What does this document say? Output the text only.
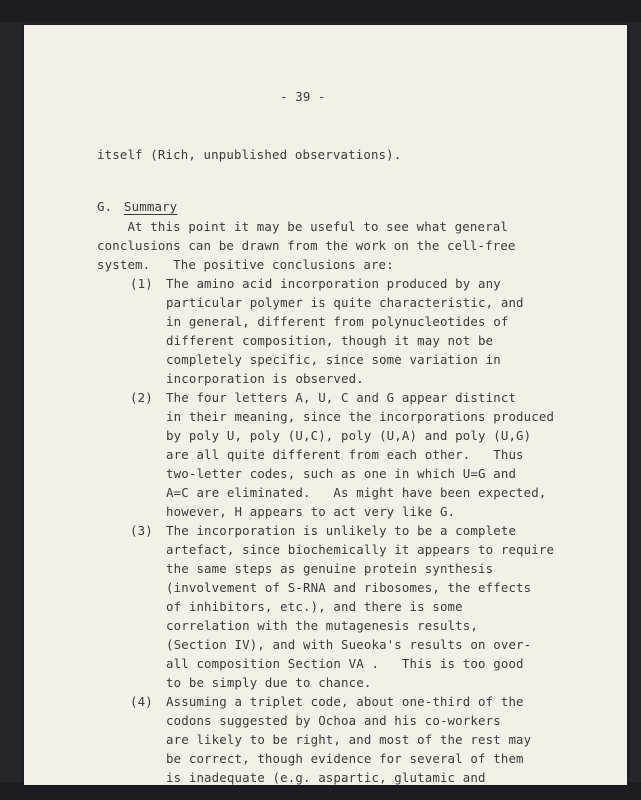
- 39 -
itself (Rich, unpublished observations).
G. Summary
At this point it may be useful to see what general
conclusions can be drawn from the work on the cell-free
system.   The positive conclusions are:
(1) The amino acid incorporation produced by any
particular polymer is quite characteristic, and
in general, different from polynucleotides of
different composition, though it may not be
completely specific, since some variation in
incorporation is observed.
(2) The four letters A, U, C and G appear distinct
in their meaning, since the incorporations produced
by poly U, poly (U,C), poly (U,A) and poly (U,G)
are all quite different from each other.   Thus
two-letter codes, such as one in which U=G and
A=C are eliminated.   As might have been expected,
however, H appears to act very like G.
(3) The incorporation is unlikely to be a complete
artefact, since biochemically it appears to require
the same steps as genuine protein synthesis
(involvement of S-RNA and ribosomes, the effects
of inhibitors, etc.), and there is some
correlation with the mutagenesis results,
(Section IV), and with Sueoka's results on over-
all composition Section VA .   This is too good
to be simply due to chance.
(4) Assuming a triplet code, about one-third of the
codons suggested by Ochoa and his co-workers
are likely to be right, and most of the rest may
be correct, though evidence for several of them
is inadequate (e.g. aspartic, glutamic and
